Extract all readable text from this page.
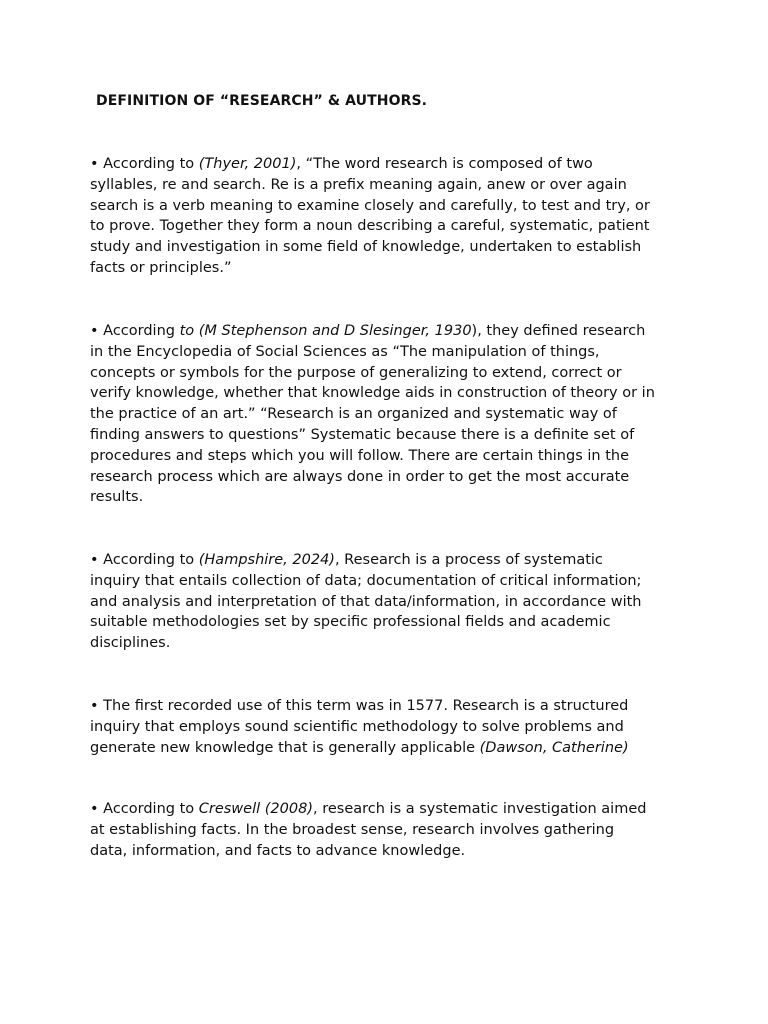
DEFINITION OF “RESEARCH” & AUTHORS.
• According to (Thyer, 2001), “The word research is composed of two
syllables, re and search. Re is a prefix meaning again, anew or over again
search is a verb meaning to examine closely and carefully, to test and try, or
to prove. Together they form a noun describing a careful, systematic, patient
study and investigation in some field of knowledge, undertaken to establish
facts or principles.”
• According to (M Stephenson and D Slesinger, 1930), they defined research
in the Encyclopedia of Social Sciences as “The manipulation of things,
concepts or symbols for the purpose of generalizing to extend, correct or
verify knowledge, whether that knowledge aids in construction of theory or in
the practice of an art.” “Research is an organized and systematic way of
finding answers to questions” Systematic because there is a definite set of
procedures and steps which you will follow. There are certain things in the
research process which are always done in order to get the most accurate
results.
• According to (Hampshire, 2024), Research is a process of systematic
inquiry that entails collection of data; documentation of critical information;
and analysis and interpretation of that data/information, in accordance with
suitable methodologies set by specific professional fields and academic
disciplines.
• The first recorded use of this term was in 1577. Research is a structured
inquiry that employs sound scientific methodology to solve problems and
generate new knowledge that is generally applicable (Dawson, Catherine)
• According to Creswell (2008), research is a systematic investigation aimed
at establishing facts. In the broadest sense, research involves gathering
data, information, and facts to advance knowledge.
